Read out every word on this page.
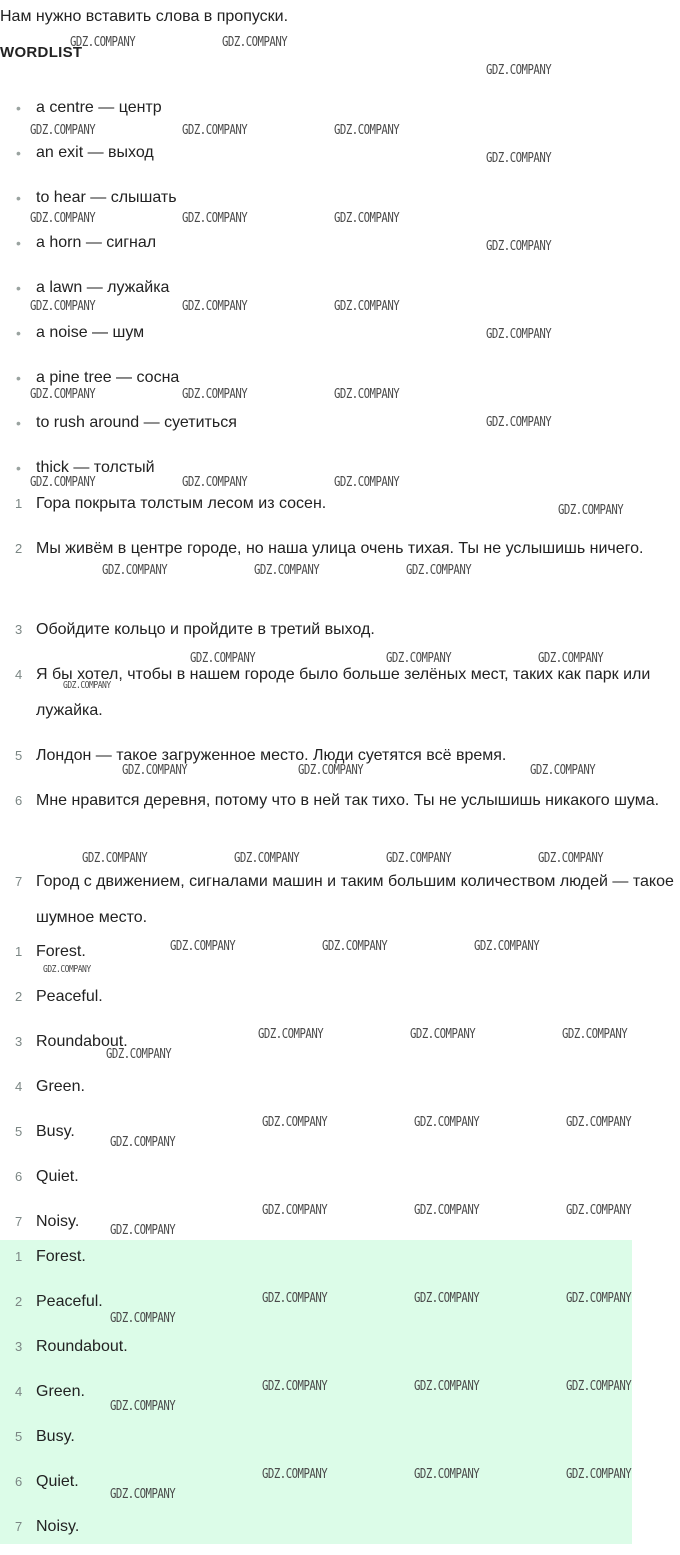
Нам нужно вставить слова в пропуски.
WORDLIST
• a centre — центр
• an exit — выход
• to hear — слышать
• a horn — сигнал
• a lawn — лужайка
• a noise — шум
• a pine tree — сосна
• to rush around — суетиться
• thick — толстый
1 Гора покрыта толстым лесом из сосен.
2 Мы живём в центре городе, но наша улица очень тихая. Ты не услышишь ничего.
3 Обойдите кольцо и пройдите в третий выход.
4 Я бы хотел, чтобы в нашем городе было больше зелёных мест, таких как парк или лужайка.
5 Лондон — такое загруженное место. Люди суетятся всё время.
6 Мне нравится деревня, потому что в ней так тихо. Ты не услышишь никакого шума.
7 Город с движением, сигналами машин и таким большим количеством людей — такое шумное место.
1 Forest.
2 Peaceful.
3 Roundabout.
4 Green.
5 Busy.
6 Quiet.
7 Noisy.
1 Forest.
2 Peaceful.
3 Roundabout.
4 Green.
5 Busy.
6 Quiet.
7 Noisy.
GDZ.COMPANY	GDZ.COMPANY
GDZ.COMPANY
GDZ.COMPANY	GDZ.COMPANY	GDZ.COMPANY
GDZ.COMPANY
GDZ.COMPANY	GDZ.COMPANY	GDZ.COMPANY
GDZ.COMPANY
GDZ.COMPANY	GDZ.COMPANY	GDZ.COMPANY
GDZ.COMPANY
GDZ.COMPANY	GDZ.COMPANY	GDZ.COMPANY
GDZ.COMPANY
GDZ.COMPANY	GDZ.COMPANY	GDZ.COMPANY
GDZ.COMPANY
GDZ.COMPANY	GDZ.COMPANY	GDZ.COMPANY
GDZ.COMPANY	GDZ.COMPANY	GDZ.COMPANY
GDZ.COMPANY	GDZ.COMPANY	GDZ.COMPANY
GDZ.COMPANY	GDZ.COMPANY	GDZ.COMPANY	GDZ.COMPANY
GDZ.COMPANY	GDZ.COMPANY	GDZ.COMPANY
GDZ.COMPANY	GDZ.COMPANY	GDZ.COMPANY
GDZ.COMPANY
GDZ.COMPANY	GDZ.COMPANY	GDZ.COMPANY
GDZ.COMPANY
GDZ.COMPANY	GDZ.COMPANY	GDZ.COMPANY
GDZ.COMPANY
GDZ.COMPANY	GDZ.COMPANY	GDZ.COMPANY
GDZ.COMPANY
GDZ.COMPANY	GDZ.COMPANY	GDZ.COMPANY
GDZ.COMPANY
GDZ.COMPANY	GDZ.COMPANY	GDZ.COMPANY
GDZ.COMPANY
GDZ.COMPANY
GDZ.COMPANY
